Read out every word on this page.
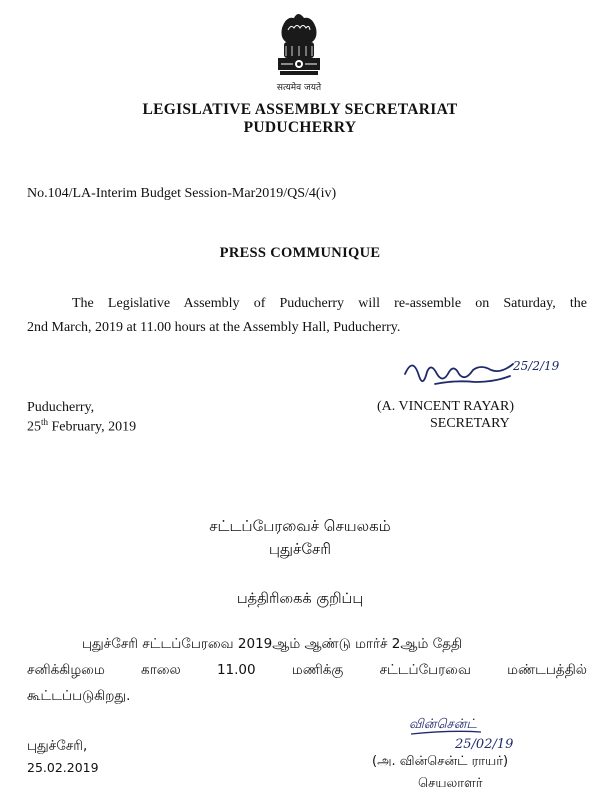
सत्यमेव जयते
LEGISLATIVE ASSEMBLY SECRETARIAT
PUDUCHERRY
No.104/LA-Interim Budget Session-Mar2019/QS/4(iv)
PRESS COMMUNIQUE
The Legislative Assembly of Puducherry will re-assemble on Saturday, the
2nd March, 2019 at 11.00 hours at the Assembly Hall, Puducherry.
25/2/19
(A. VINCENT RAYAR)
SECRETARY
Puducherry,
25th February, 2019
சட்டப்பேரவைச் செயலகம்
புதுச்சேரி
பத்திரிகைக் குறிப்பு
புதுச்சேரி சட்டப்பேரவை 2019ஆம் ஆண்டு மார்ச் 2ஆம் தேதி
சனிக்கிழமை காலை 11.00 மணிக்கு சட்டப்பேரவை மண்டபத்தில்
கூட்டப்படுகிறது.
வின்சென்ட்
25/02/19
புதுச்சேரி,
25.02.2019	(அ. வின்சென்ட் ராயர்)
செயலாளர்
